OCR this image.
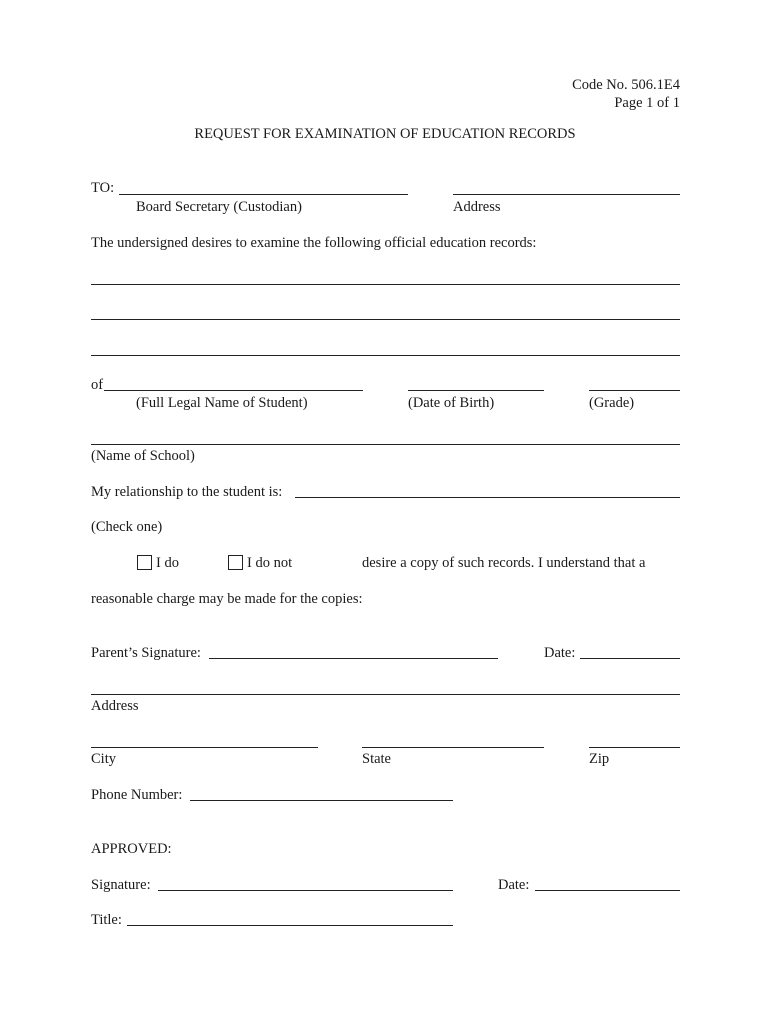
Code No. 506.1E4
Page 1 of 1
REQUEST FOR EXAMINATION OF EDUCATION RECORDS
TO:
Board Secretary (Custodian)	Address
The undersigned desires to examine the following official education records:
of
(Full Legal Name of Student)	(Date of Birth)	(Grade)
(Name of School)
My relationship to the student is:
(Check one)
I do	I do not	desire a copy of such records. I understand that a
reasonable charge may be made for the copies:
Parent’s Signature:	Date:
Address
City	State	Zip
Phone Number:
APPROVED:
Signature:	Date:
Title:
